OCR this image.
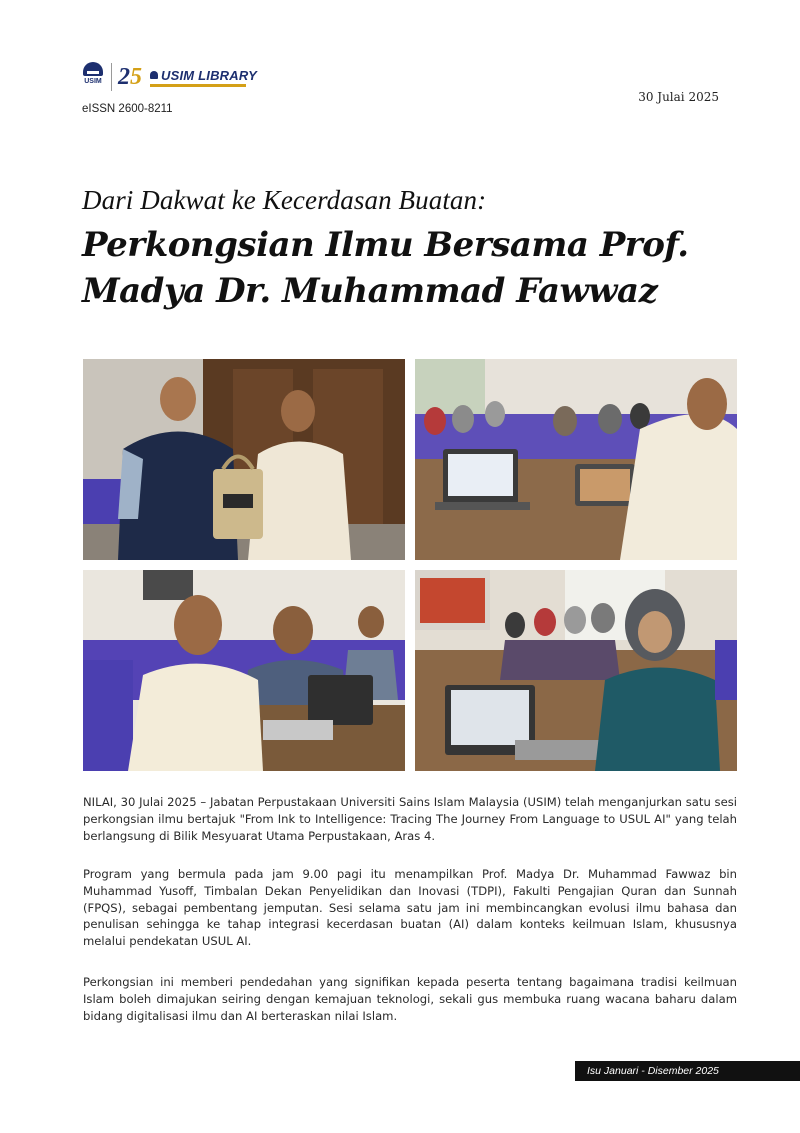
USIM 25 USIM LIBRARY
eISSN 2600-8211
30 Julai 2025
Dari Dakwat ke Kecerdasan Buatan:
Perkongsian Ilmu Bersama Prof. Madya Dr. Muhammad Fawwaz
NILAI, 30 Julai 2025 – Jabatan Perpustakaan Universiti Sains Islam Malaysia (USIM) telah menganjurkan satu sesi perkongsian ilmu bertajuk "From Ink to Intelligence: Tracing The Journey From Language to USUL AI" yang telah berlangsung di Bilik Mesyuarat Utama Perpustakaan, Aras 4.
Program yang bermula pada jam 9.00 pagi itu menampilkan Prof. Madya Dr. Muhammad Fawwaz bin Muhammad Yusoff, Timbalan Dekan Penyelidikan dan Inovasi (TDPI), Fakulti Pengajian Quran dan Sunnah (FPQS), sebagai pembentang jemputan. Sesi selama satu jam ini membincangkan evolusi ilmu bahasa dan penulisan sehingga ke tahap integrasi kecerdasan buatan (AI) dalam konteks keilmuan Islam, khususnya melalui pendekatan USUL AI.
Perkongsian ini memberi pendedahan yang signifikan kepada peserta tentang bagaimana tradisi keilmuan Islam boleh dimajukan seiring dengan kemajuan teknologi, sekali gus membuka ruang wacana baharu dalam bidang digitalisasi ilmu dan AI berteraskan nilai Islam.
Isu Januari - Disember 2025
